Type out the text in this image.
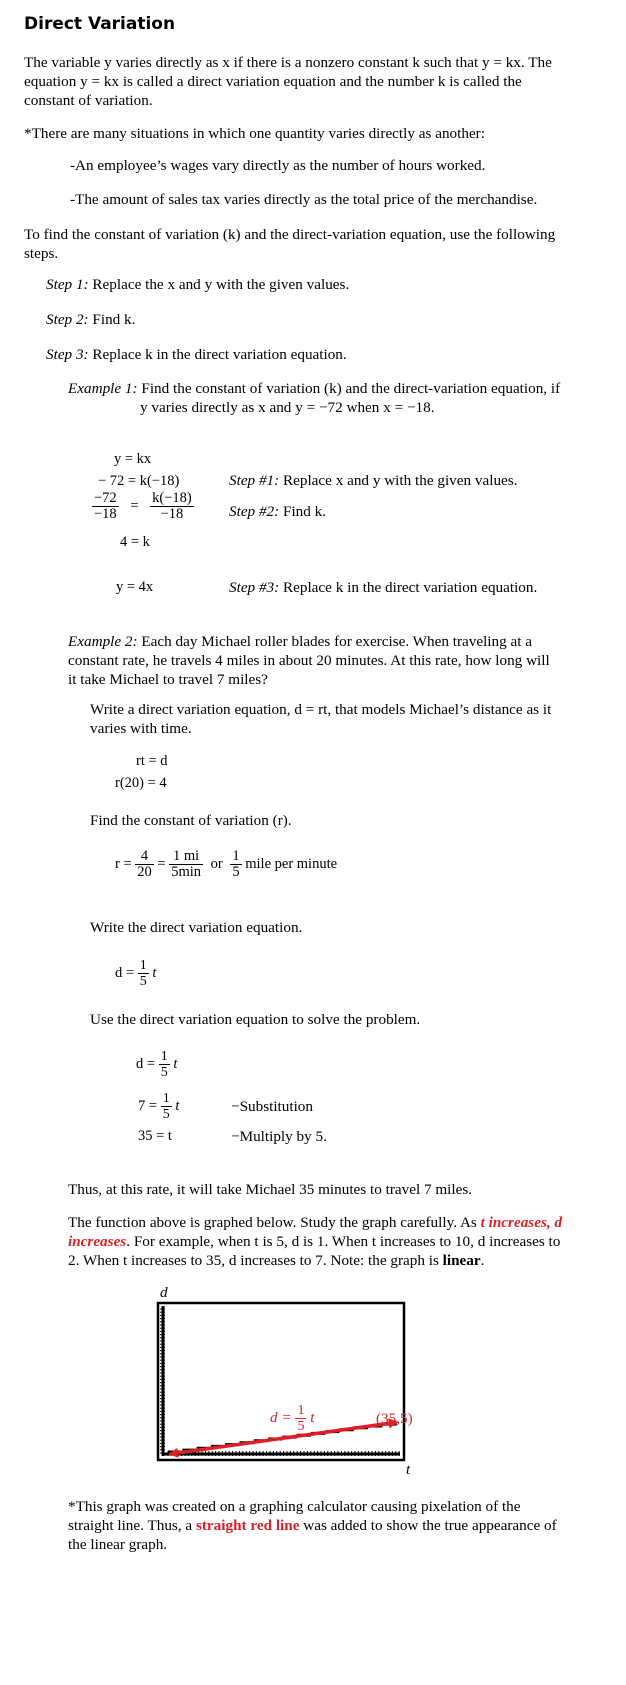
Direct Variation
The variable y varies directly as x if there is a nonzero constant k such that y = kx. The equation y = kx is called a direct variation equation and the number k is called the constant of variation.
*There are many situations in which one quantity varies directly as another:
-An employee’s wages vary directly as the number of hours worked.
-The amount of sales tax varies directly as the total price of the merchandise.
To find the constant of variation (k) and the direct-variation equation, use the following steps.
Step 1: Replace the x and y with the given values.
Step 2: Find k.
Step 3: Replace k in the direct variation equation.
Example 1: Find the constant of variation (k) and the direct-variation equation, if
y varies directly as x and y = −72 when x = −18.
y = kx
− 72 = k(−18)
$\frac{-72}{-18} = \frac{k(-18)}{-18}$
4 = k
y = 4x
Step #1: Replace x and y with the given values.
Step #2: Find k.
Step #3: Replace k in the direct variation equation.
Example 2: Each day Michael roller blades for exercise. When traveling at a constant rate, he travels 4 miles in about 20 minutes. At this rate, how long will it take Michael to travel 7 miles?
Write a direct variation equation, d = rt, that models Michael’s distance as it varies with time.
rt = d
r(20) = 4
Find the constant of variation (r).
$r = \frac{4}{20} = \frac{1 mi}{5\min}$ or $\frac{1}{5}$ mile per minute
Write the direct variation equation.
$d = \frac{1}{5}$ t
Use the direct variation equation to solve the problem.
$d = \frac{1}{5}$ t
$7 = \frac{1}{5}$ t
35 = t
−Substitution
−Multiply by 5.
Thus, at this rate, it will take Michael 35 minutes to travel 7 miles.
The function above is graphed below. Study the graph carefully. As t increases, d increases. For example, when t is 5, d is 1. When t increases to 10, d increases to 2. When t increases to 35, d increases to 7. Note: the graph is linear.
d
t
$d = \frac{1}{5}$ t	(35,5)
*This graph was created on a graphing calculator causing pixelation of the straight line. Thus, a straight red line was added to show the true appearance of the linear graph.
